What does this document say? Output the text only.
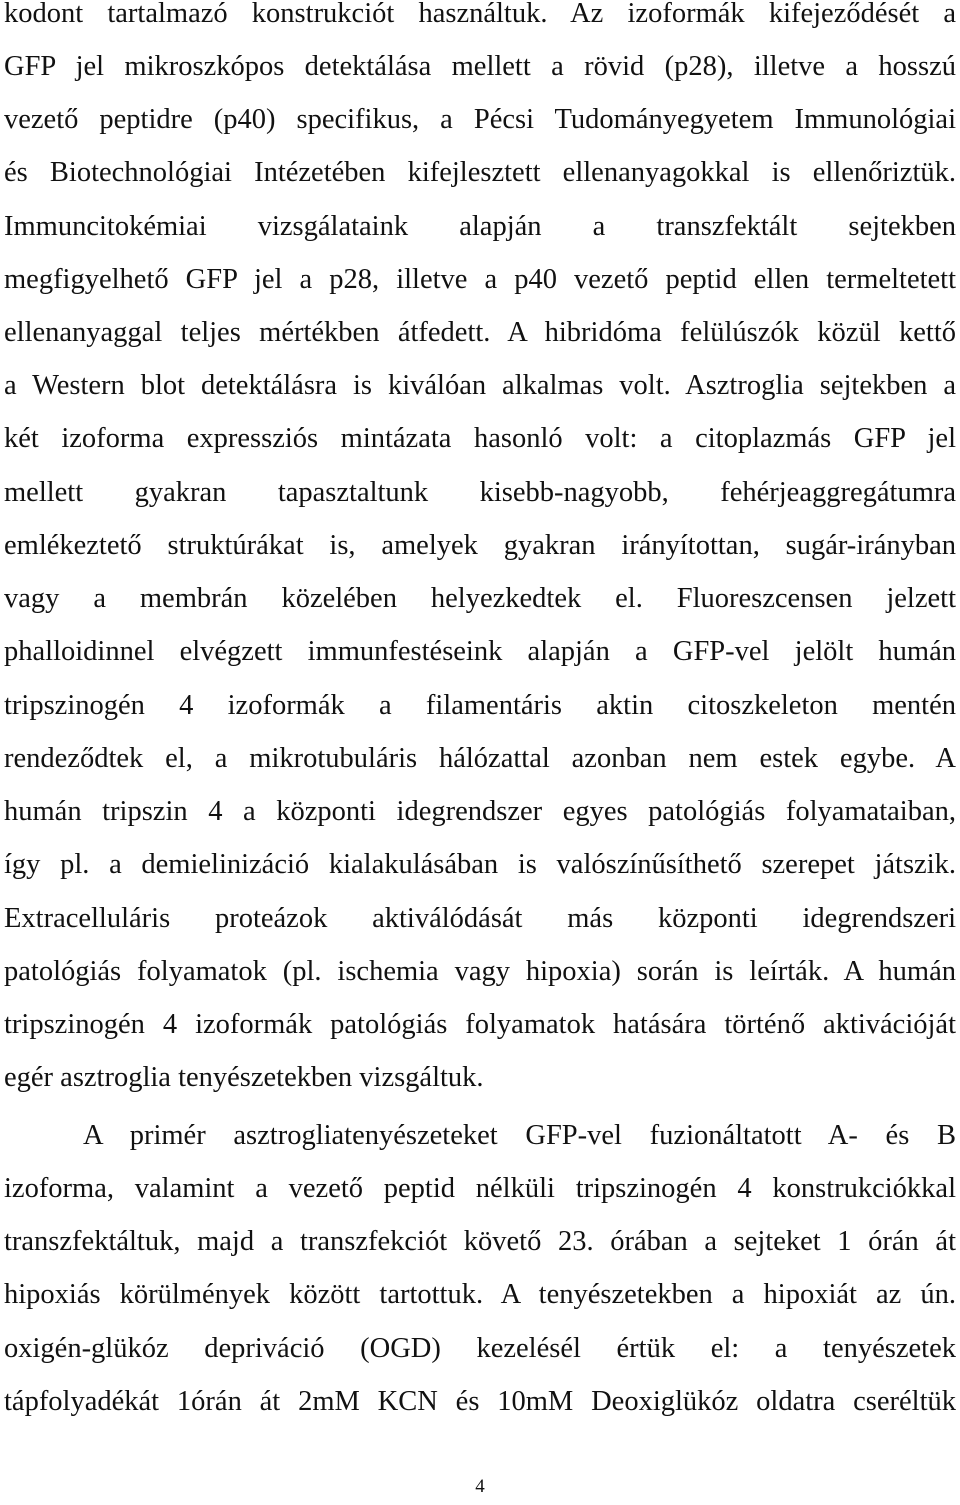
kodont tartalmazó konstrukciót használtuk. Az izoformák kifejeződését a
GFP jel mikroszkópos detektálása mellett a rövid (p28), illetve a hosszú
vezető peptidre (p40) specifikus, a Pécsi Tudományegyetem Immunológiai
és Biotechnológiai Intézetében kifejlesztett ellenanyagokkal is ellenőriztük.
Immuncitokémiai vizsgálataink alapján a transzfektált sejtekben
megfigyelhető GFP jel a p28, illetve a p40 vezető peptid ellen termeltetett
ellenanyaggal teljes mértékben átfedett. A hibridóma felülúszók közül kettő
a Western blot detektálásra is kiválóan alkalmas volt. Asztroglia sejtekben a
két izoforma expressziós mintázata hasonló volt: a citoplazmás GFP jel
mellett gyakran tapasztaltunk kisebb-nagyobb, fehérjeaggregátumra
emlékeztető struktúrákat is, amelyek gyakran irányítottan, sugár-irányban
vagy a membrán közelében helyezkedtek el. Fluoreszcensen jelzett
phalloidinnel elvégzett immunfestéseink alapján a GFP-vel jelölt humán
tripszinogén 4 izoformák a filamentáris aktin citoszkeleton mentén
rendeződtek el, a mikrotubuláris hálózattal azonban nem estek egybe. A
humán tripszin 4 a központi idegrendszer egyes patológiás folyamataiban,
így pl. a demielinizáció kialakulásában is valószínűsíthető szerepet játszik.
Extracelluláris proteázok aktiválódását más központi idegrendszeri
patológiás folyamatok (pl. ischemia vagy hipoxia) során is leírták. A humán
tripszinogén 4 izoformák patológiás folyamatok hatására történő aktivációját
egér asztroglia tenyészetekben vizsgáltuk.
A primér asztrogliatenyészeteket GFP-vel fuzionáltatott A- és B
izoforma, valamint a vezető peptid nélküli tripszinogén 4 konstrukciókkal
transzfektáltuk, majd a transzfekciót követő 23. órában a sejteket 1 órán át
hipoxiás körülmények között tartottuk. A tenyészetekben a hipoxiát az ún.
oxigén-glükóz depriváció (OGD) kezelésél értük el: a tenyészetek
tápfolyadékát 1órán át 2mM KCN és 10mM Deoxiglükóz oldatra cseréltük
4
